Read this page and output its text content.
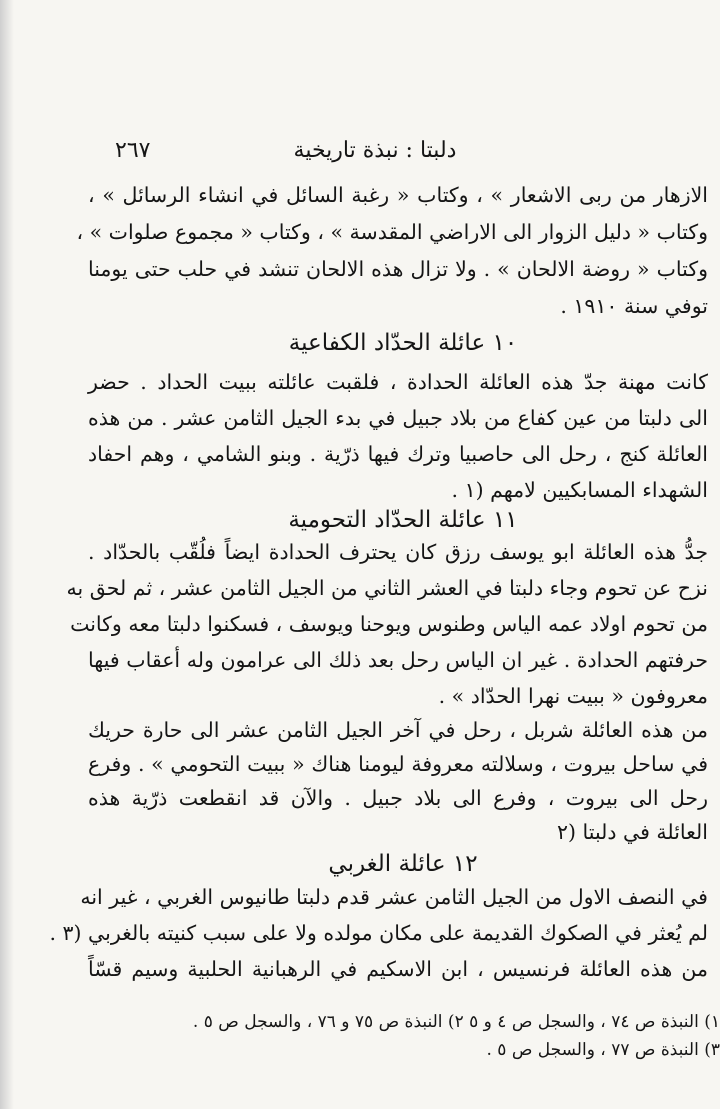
دلبتا : نبذة تاريخية
٢٦٧
الازهار من ربى الاشعار » ، وكتاب « رغبة السائل في انشاء الرسائل » ،
وكتاب « دليل الزوار الى الاراضي المقدسة » ، وكتاب « مجموع صلوات » ،
وكتاب « روضة الالحان » . ولا تزال هذه الالحان تنشد في حلب حتى يومنا
توفي سنة ١٩١٠ .
١٠ عائلة الحدّاد الكفاعية
كانت مهنة جدّ هذه العائلة الحدادة ، فلقبت عائلته ببيت الحداد . حضر
الى دلبتا من عين كفاع من بلاد جبيل في بدء الجيل الثامن عشر . من هذه
العائلة كنج ، رحل الى حاصبيا وترك فيها ذرّية . وبنو الشامي ، وهم احفاد
الشهداء المسابكيين لامهم (١ .
١١ عائلة الحدّاد التحومية
جدُّ هذه العائلة ابو يوسف رزق كان يحترف الحدادة ايضاً فلُقّب بالحدّاد .
نزح عن تحوم وجاء دلبتا في العشر الثاني من الجيل الثامن عشر ، ثم لحق به
من تحوم اولاد عمه الياس وطنوس ويوحنا ويوسف ، فسكنوا دلبتا معه وكانت
حرفتهم الحدادة . غير ان الياس رحل بعد ذلك الى عرامون وله أعقاب فيها
معروفون « ببيت نهرا الحدّاد » .
من هذه العائلة شربل ، رحل في آخر الجيل الثامن عشر الى حارة حريك
في ساحل بيروت ، وسلالته معروفة ليومنا هناك « ببيت التحومي » . وفرع
رحل الى بيروت ، وفرع الى بلاد جبيل . والآن قد انقطعت ذرّية هذه
العائلة في دلبتا (٢
١٢ عائلة الغربي
في النصف الاول من الجيل الثامن عشر قدم دلبتا طانيوس الغربي ، غير انه
لم يُعثر في الصكوك القديمة على مكان مولده ولا على سبب كنيته بالغربي (٣ .
من هذه العائلة فرنسيس ، ابن الاسكيم في الرهبانية الحلبية وسيم قسّاً
١) النبذة ص ٧٤ ، والسجل ص ٤ و ٥ ٢) النبذة ص ٧٥ و ٧٦ ، والسجل ص ٥ .
٣) النبذة ص ٧٧ ، والسجل ص ٥ .
